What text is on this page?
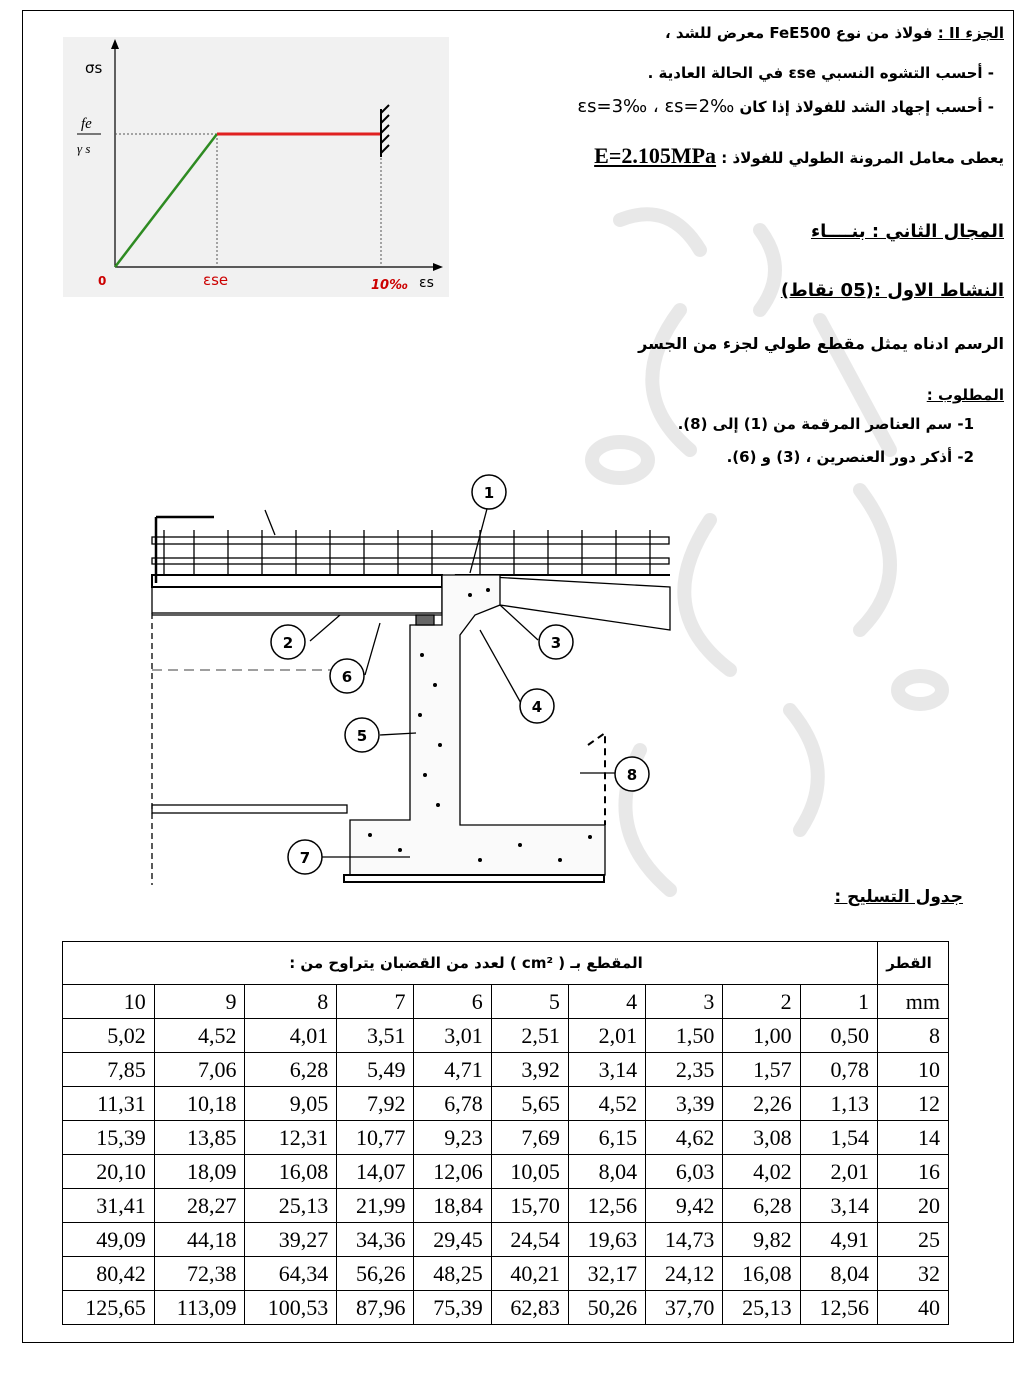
σs
fe
γ s
0	εse	10‰ εs
الجزء II : فولاذ من نوع FeE500 معرض للشد ،
- أحسب التشوه النسبي εse في الحالة العادية .
- أحسب إجهاد الشد للفولاذ إذا كان εs=3‰ ، εs=2‰
يعطى معامل المرونة الطولي للفولاذ : E=2.105MPa
المجال الثاني : بنــــاء
النشاط الاول :(05 نقاط)
الرسم ادناه يمثل مقطع طولي لجزء من الجسر
المطلوب :
1- سم العناصر المرقمة من (1) إلى (8).
2- أذكر دور العنصرين ، (3) و (6).
1
2	3
4
5
6
7
8
جدول التسليح :
المقطع بـ ( cm² ) لعدد من القضبان يتراوح من :										القطر
10	9	8	7	6	5	4	3	2	1	mm
5,02	4,52	4,01	3,51	3,01	2,51	2,01	1,50	1,00	0,50	8
7,85	7,06	6,28	5,49	4,71	3,92	3,14	2,35	1,57	0,78	10
11,31	10,18	9,05	7,92	6,78	5,65	4,52	3,39	2,26	1,13	12
15,39	13,85	12,31	10,77	9,23	7,69	6,15	4,62	3,08	1,54	14
20,10	18,09	16,08	14,07	12,06	10,05	8,04	6,03	4,02	2,01	16
31,41	28,27	25,13	21,99	18,84	15,70	12,56	9,42	6,28	3,14	20
49,09	44,18	39,27	34,36	29,45	24,54	19,63	14,73	9,82	4,91	25
80,42	72,38	64,34	56,26	48,25	40,21	32,17	24,12	16,08	8,04	32
125,65	113,09	100,53	87,96	75,39	62,83	50,26	37,70	25,13	12,56	40
